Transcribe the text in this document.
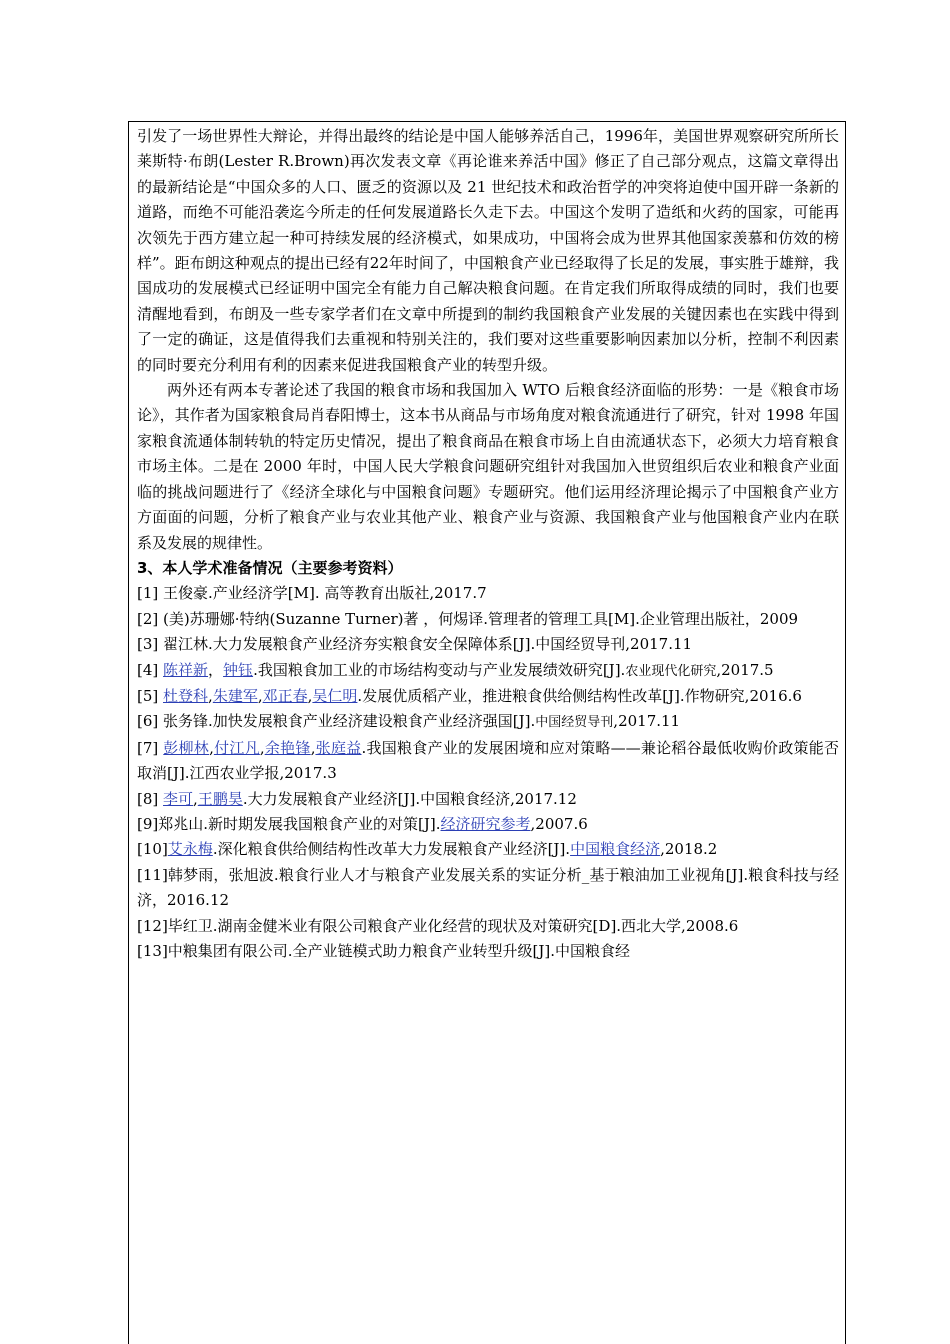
引发了一场世界性大辩论，并得出最终的结论是中国人能够养活自己，1996年，美国世界观察研究所所长莱斯特·布朗(Lester R.Brown)再次发表文章《再论谁来养活中国》修正了自己部分观点，这篇文章得出的最新结论是“中国众多的人口、匮乏的资源以及 21 世纪技术和政治哲学的冲突将迫使中国开辟一条新的道路，而绝不可能沿袭迄今所走的任何发展道路长久走下去。中国这个发明了造纸和火药的国家，可能再次领先于西方建立起一种可持续发展的经济模式，如果成功，中国将会成为世界其他国家羡慕和仿效的榜样”。距布朗这种观点的提出已经有22年时间了，中国粮食产业已经取得了长足的发展，事实胜于雄辩，我国成功的发展模式已经证明中国完全有能力自己解决粮食问题。在肯定我们所取得成绩的同时，我们也要清醒地看到，布朗及一些专家学者们在文章中所提到的制约我国粮食产业发展的关键因素也在实践中得到了一定的确证，这是值得我们去重视和特别关注的，我们要对这些重要影响因素加以分析，控制不利因素的同时要充分利用有利的因素来促进我国粮食产业的转型升级。

两外还有两本专著论述了我国的粮食市场和我国加入 WTO 后粮食经济面临的形势：一是《粮食市场论》，其作者为国家粮食局肖春阳博士，这本书从商品与市场角度对粮食流通进行了研究，针对 1998 年国家粮食流通体制转轨的特定历史情况，提出了粮食商品在粮食市场上自由流通状态下，必须大力培育粮食市场主体。二是在 2000 年时，中国人民大学粮食问题研究组针对我国加入世贸组织后农业和粮食产业面临的挑战问题进行了《经济全球化与中国粮食问题》专题研究。他们运用经济理论揭示了中国粮食产业方方面面的问题，分析了粮食产业与农业其他产业、粮食产业与资源、我国粮食产业与他国粮食产业内在联系及发展的规律性。

3、本人学术准备情况（主要参考资料）

[1] 王俊豪.产业经济学[M]. 高等教育出版社,2017.7

[2] (美)苏珊娜·特纳(Suzanne Turner)著 ，何焬译.管理者的管理工具[M].企业管理出版社，2009

[3] 翟江林.大力发展粮食产业经济夯实粮食安全保障体系[J].中国经贸导刊,2017.11

[4] 陈祥新，钟钰.我国粮食加工业的市场结构变动与产业发展绩效研究[J].农业现代化研究,2017.5

[5] 杜登科,朱建军,邓正春,吴仁明.发展优质稻产业，推进粮食供给侧结构性改革[J].作物研究,2016.6

[6] 张务锋.加快发展粮食产业经济建设粮食产业经济强国[J].中国经贸导刊,2017.11

[7] 彭柳林,付江凡,余艳锋,张庭益.我国粮食产业的发展困境和应对策略——兼论稻谷最低收购价政策能否取消[J].江西农业学报,2017.3

[8] 李可,王鹏昊.大力发展粮食产业经济[J].中国粮食经济,2017.12

[9]郑兆山.新时期发展我国粮食产业的对策[J].经济研究参考,2007.6

[10]艾永梅.深化粮食供给侧结构性改革大力发展粮食产业经济[J].中国粮食经济,2018.2

[11]韩梦雨，张旭波.粮食行业人才与粮食产业发展关系的实证分析_基于粮油加工业视角[J].粮食科技与经济，2016.12

[12]毕红卫.湖南金健米业有限公司粮食产业化经营的现状及对策研究[D].西北大学,2008.6

[13]中粮集团有限公司.全产业链模式助力粮食产业转型升级[J].中国粮食经
